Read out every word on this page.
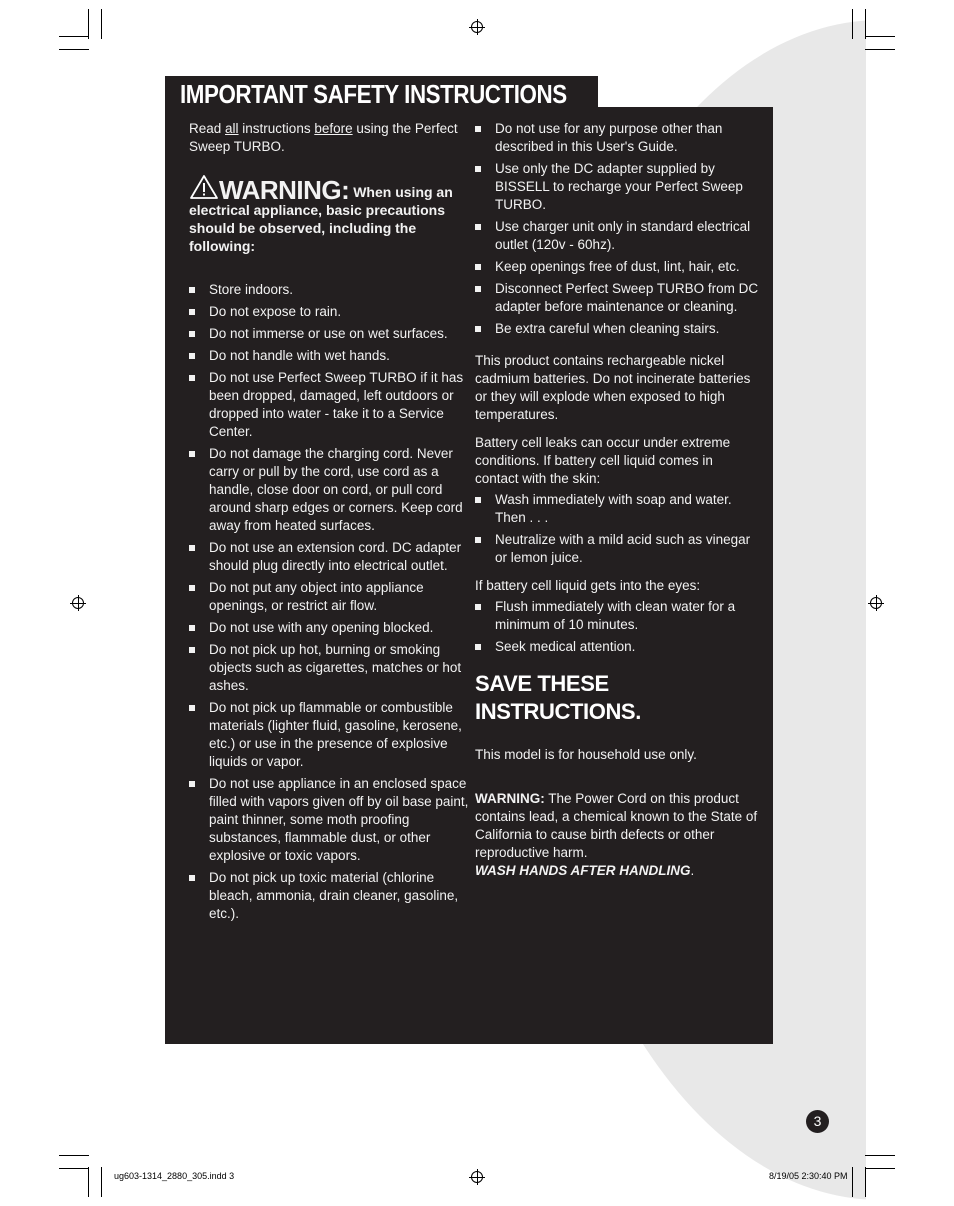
IMPORTANT SAFETY INSTRUCTIONS

Read all instructions before using the Perfect Sweep TURBO.

WARNING: When using an electrical appliance, basic precautions should be observed, including the following:

Store indoors.
Do not expose to rain.
Do not immerse or use on wet surfaces.
Do not handle with wet hands.
Do not use Perfect Sweep TURBO if it has been dropped, damaged, left outdoors or dropped into water - take it to a Service Center.
Do not damage the charging cord. Never carry or pull by the cord, use cord as a handle, close door on cord, or pull cord around sharp edges or corners. Keep cord away from heated surfaces.
Do not use an extension cord. DC adapter should plug directly into electrical outlet.
Do not put any object into appliance openings, or restrict air flow.
Do not use with any opening blocked.
Do not pick up hot, burning or smoking objects such as cigarettes, matches or hot ashes.
Do not pick up flammable or combustible materials (lighter fluid, gasoline, kerosene, etc.) or use in the presence of explosive liquids or vapor.
Do not use appliance in an enclosed space filled with vapors given off by oil base paint, paint thinner, some moth proofing substances, flammable dust, or other explosive or toxic vapors.
Do not pick up toxic material (chlorine bleach, ammonia, drain cleaner, gasoline, etc.).
Do not use for any purpose other than described in this User's Guide.
Use only the DC adapter supplied by BISSELL to recharge your Perfect Sweep TURBO.
Use charger unit only in standard electrical outlet (120v - 60hz).
Keep openings free of dust, lint, hair, etc.
Disconnect Perfect Sweep TURBO from DC adapter before maintenance or cleaning.
Be extra careful when cleaning stairs.

This product contains rechargeable nickel cadmium batteries. Do not incinerate batteries or they will explode when exposed to high temperatures.

Battery cell leaks can occur under extreme conditions. If battery cell liquid comes in contact with the skin:

Wash immediately with soap and water. Then . . .
Neutralize with a mild acid such as vinegar or lemon juice.

If battery cell liquid gets into the eyes:

Flush immediately with clean water for a minimum of 10 minutes.
Seek medical attention.

SAVE THESE INSTRUCTIONS.

This model is for household use only.

WARNING: The Power Cord on this product contains lead, a chemical known to the State of California to cause birth defects or other reproductive harm.
WASH HANDS AFTER HANDLING.

3
ug603-1314_2880_305.indd 3	8/19/05 2:30:40 PM
